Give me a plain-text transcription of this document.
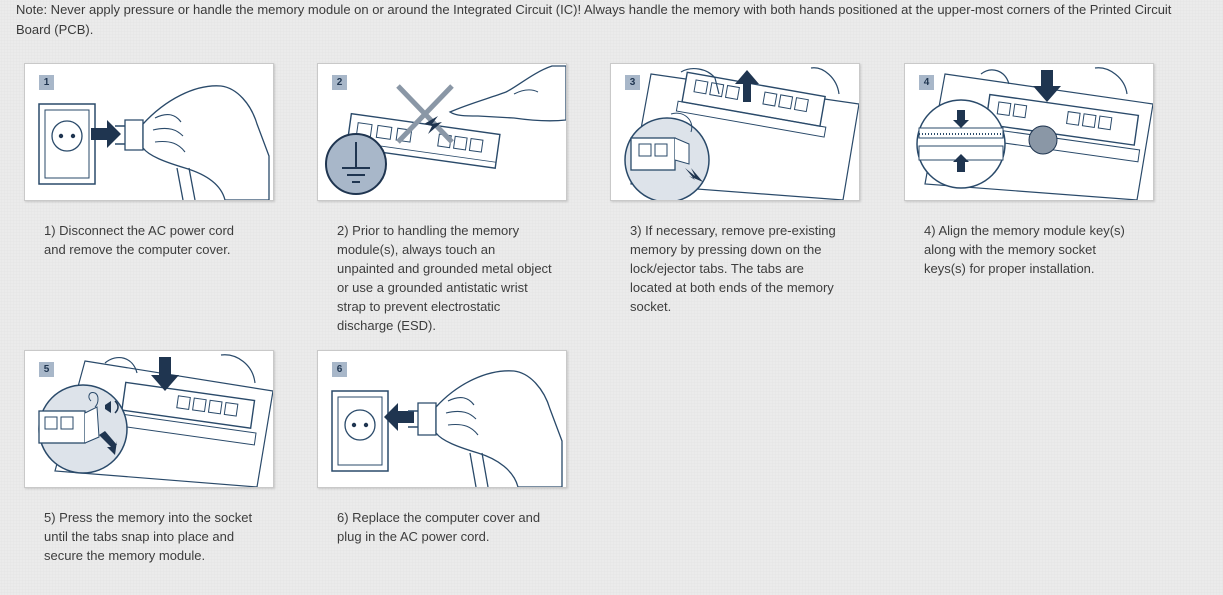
Note: Never apply pressure or handle the memory module on or around the Integrated Circuit (IC)! Always handle the memory with both hands positioned at the upper-most corners of the Printed Circuit Board (PCB).
1
1) Disconnect the AC power cord and remove the computer cover.
2
2) Prior to handling the memory module(s), always touch an unpainted and grounded metal object or use a grounded antistatic wrist strap to prevent electrostatic discharge (ESD).
3
3) If necessary, remove pre-existing memory by pressing down on the lock/ejector tabs. The tabs are located at both ends of the memory socket.
4
4) Align the memory module key(s) along with the memory socket keys(s) for proper installation.
5
5) Press the memory into the socket until the tabs snap into place and secure the memory module.
6
6) Replace the computer cover and plug in the AC power cord.
